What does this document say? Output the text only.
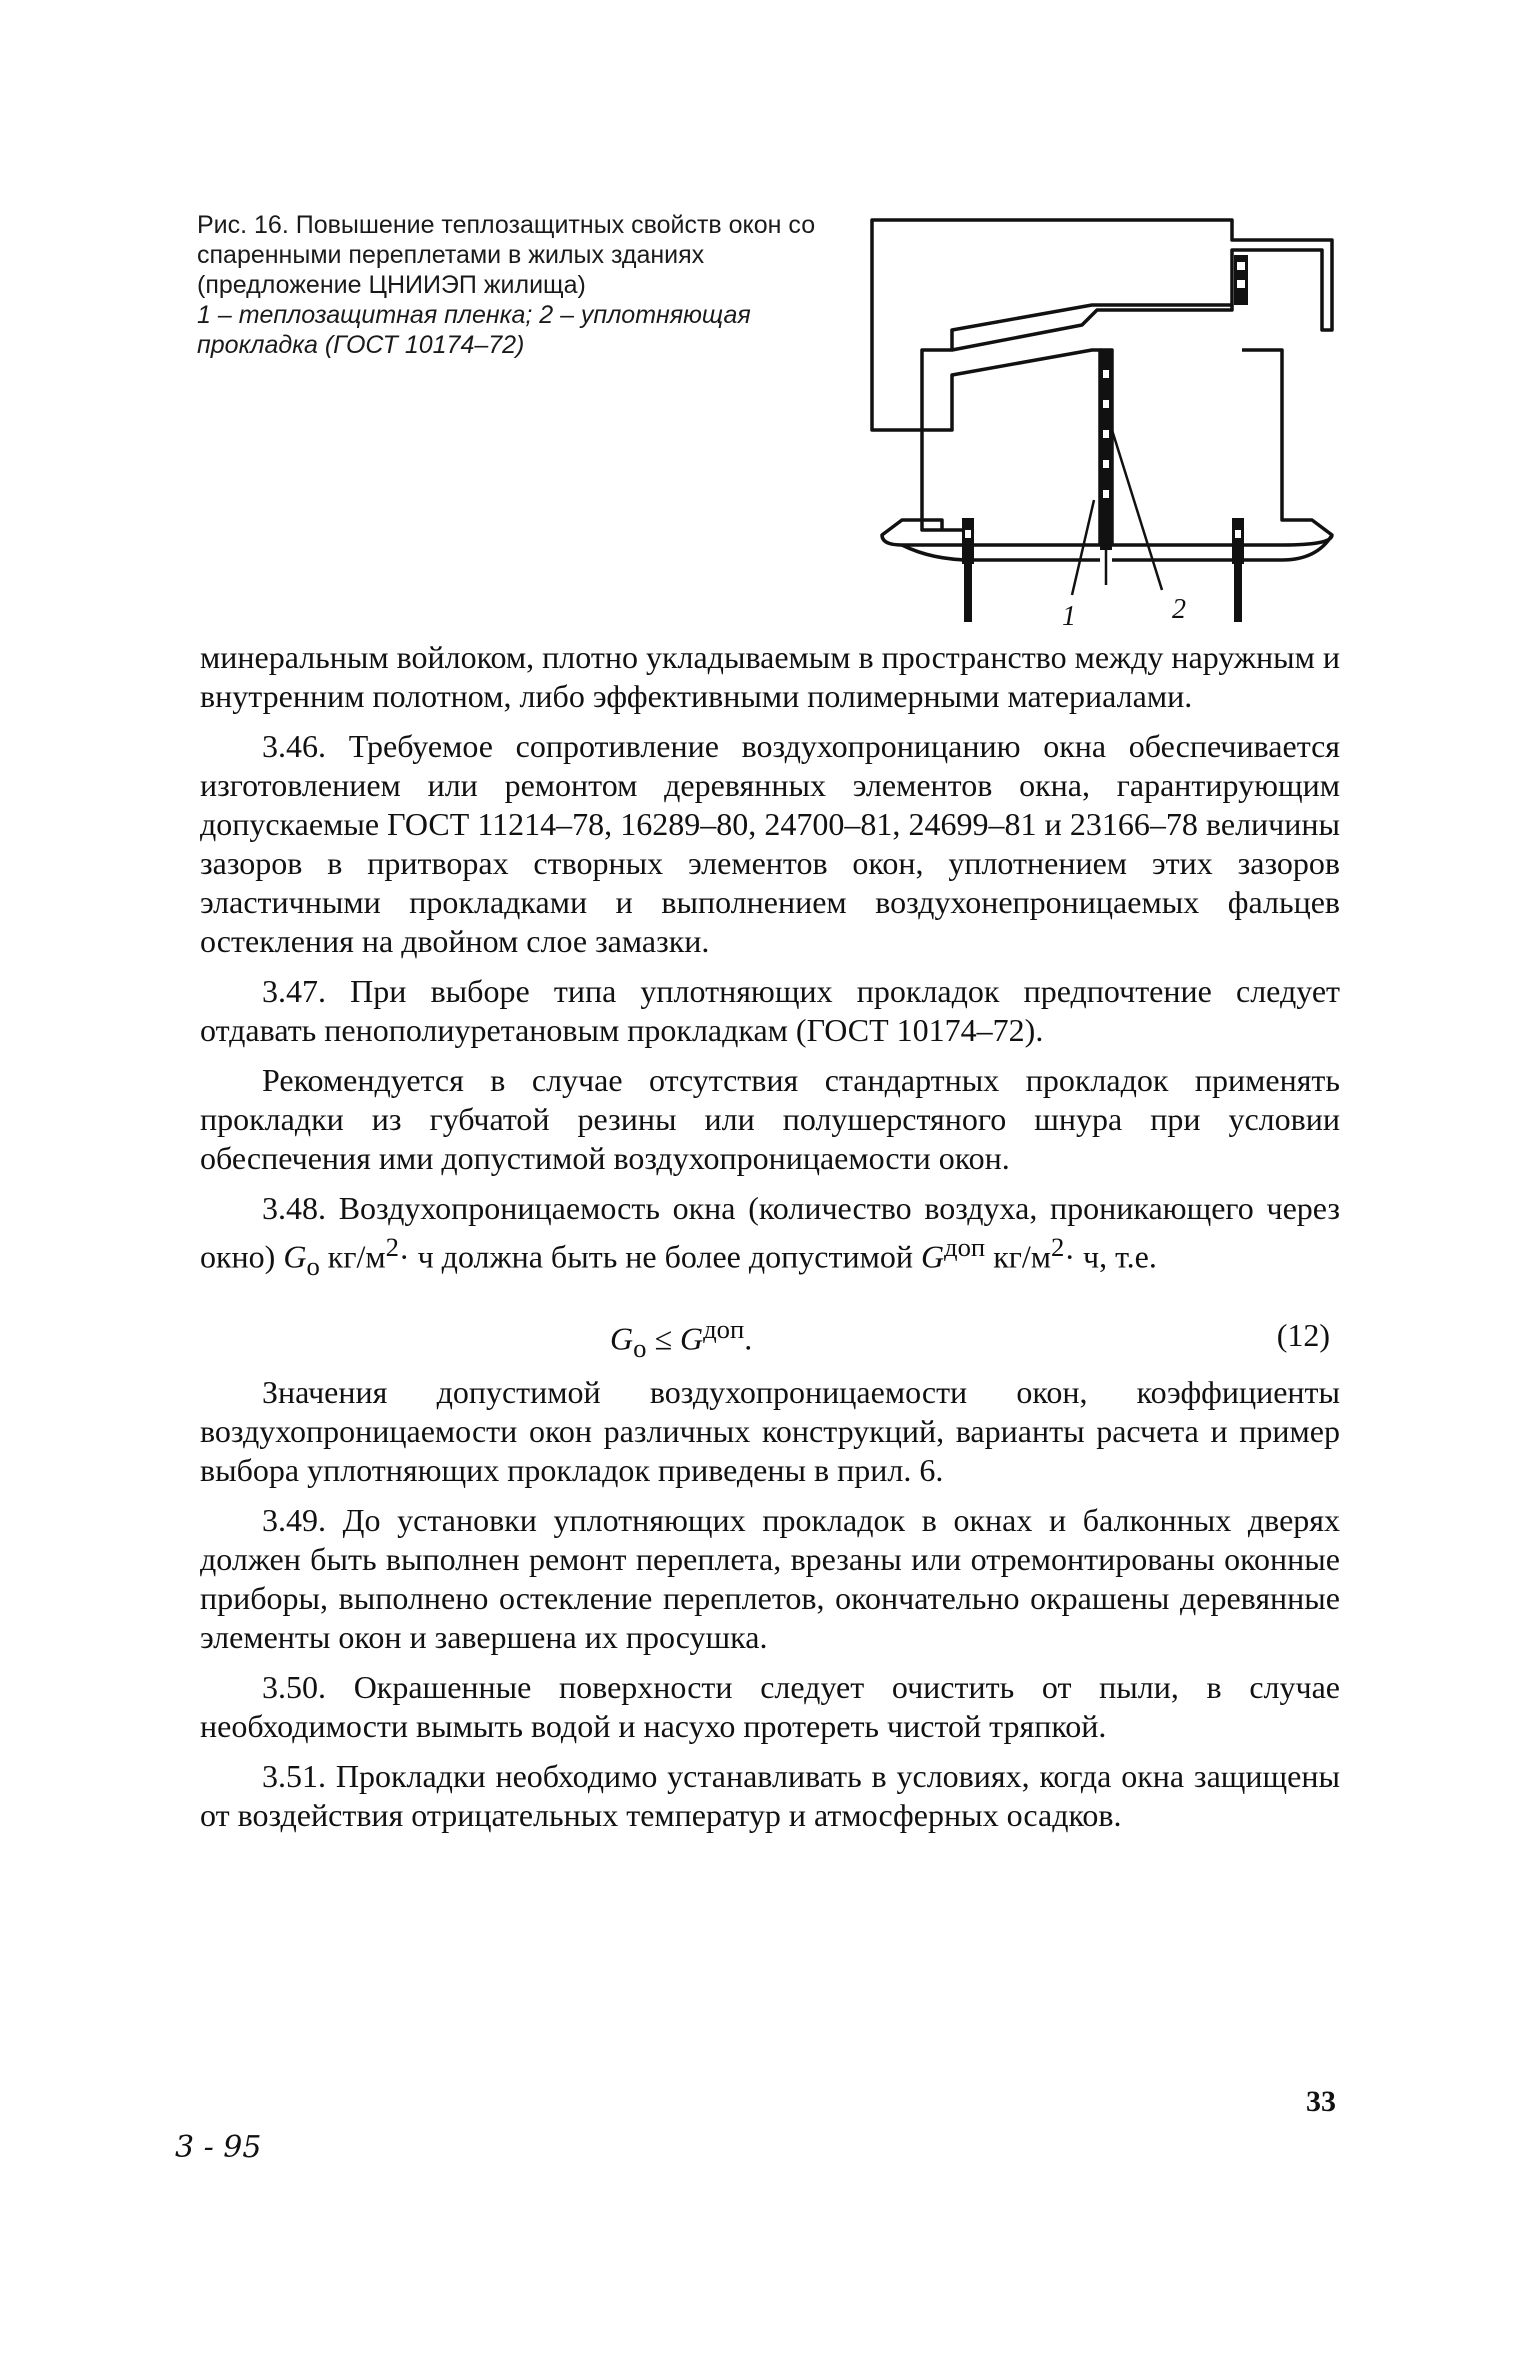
Рис. 16. Повышение теплозащитных свойств окон со спаренными переплетами в жилых зданиях (предложение ЦНИИЭП жилища)
1 – теплозащитная пленка; 2 – уплотняющая прокладка (ГОСТ 10174–72)
1	2

минеральным войлоком, плотно укладываемым в пространство между наружным и внутренним полотном, либо эффективными полимерными материалами.

3.46. Требуемое сопротивление воздухопроницанию окна обеспечивается изготовлением или ремонтом деревянных элементов окна, гарантирующим допускаемые ГОСТ 11214–78, 16289–80, 24700–81, 24699–81 и 23166–78 величины зазоров в притворах створных элементов окон, уплотнением этих зазоров эластичными прокладками и выполнением воздухонепроницаемых фальцев остекления на двойном слое замазки.

3.47. При выборе типа уплотняющих прокладок предпочтение следует отдавать пенополиуретановым прокладкам (ГОСТ 10174–72).

Рекомендуется в случае отсутствия стандартных прокладок применять прокладки из губчатой резины или полушерстяного шнура при условии обеспечения ими допустимой воздухопроницаемости окон.

3.48. Воздухопроницаемость окна (количество воздуха, проникающего через окно) $G_о$ $кг/м^2\cdot ч$ должна быть не более допустимой $G^{доп}$ $кг/м^2\cdot ч$, т.е.

$G_о \le G^{доп}$.	(12)

Значения допустимой воздухопроницаемости окон, коэффициенты воздухопроницаемости окон различных конструкций, варианты расчета и пример выбора уплотняющих прокладок приведены в прил. 6.

3.49. До установки уплотняющих прокладок в окнах и балконных дверях должен быть выполнен ремонт переплета, врезаны или отремонтированы оконные приборы, выполнено остекление переплетов, окончательно окрашены деревянные элементы окон и завершена их просушка.

3.50. Окрашенные поверхности следует очистить от пыли, в случае необходимости вымыть водой и насухо протереть чистой тряпкой.

3.51. Прокладки необходимо устанавливать в условиях, когда окна защищены от воздействия отрицательных температур и атмосферных осадков.

33
3 - 95
